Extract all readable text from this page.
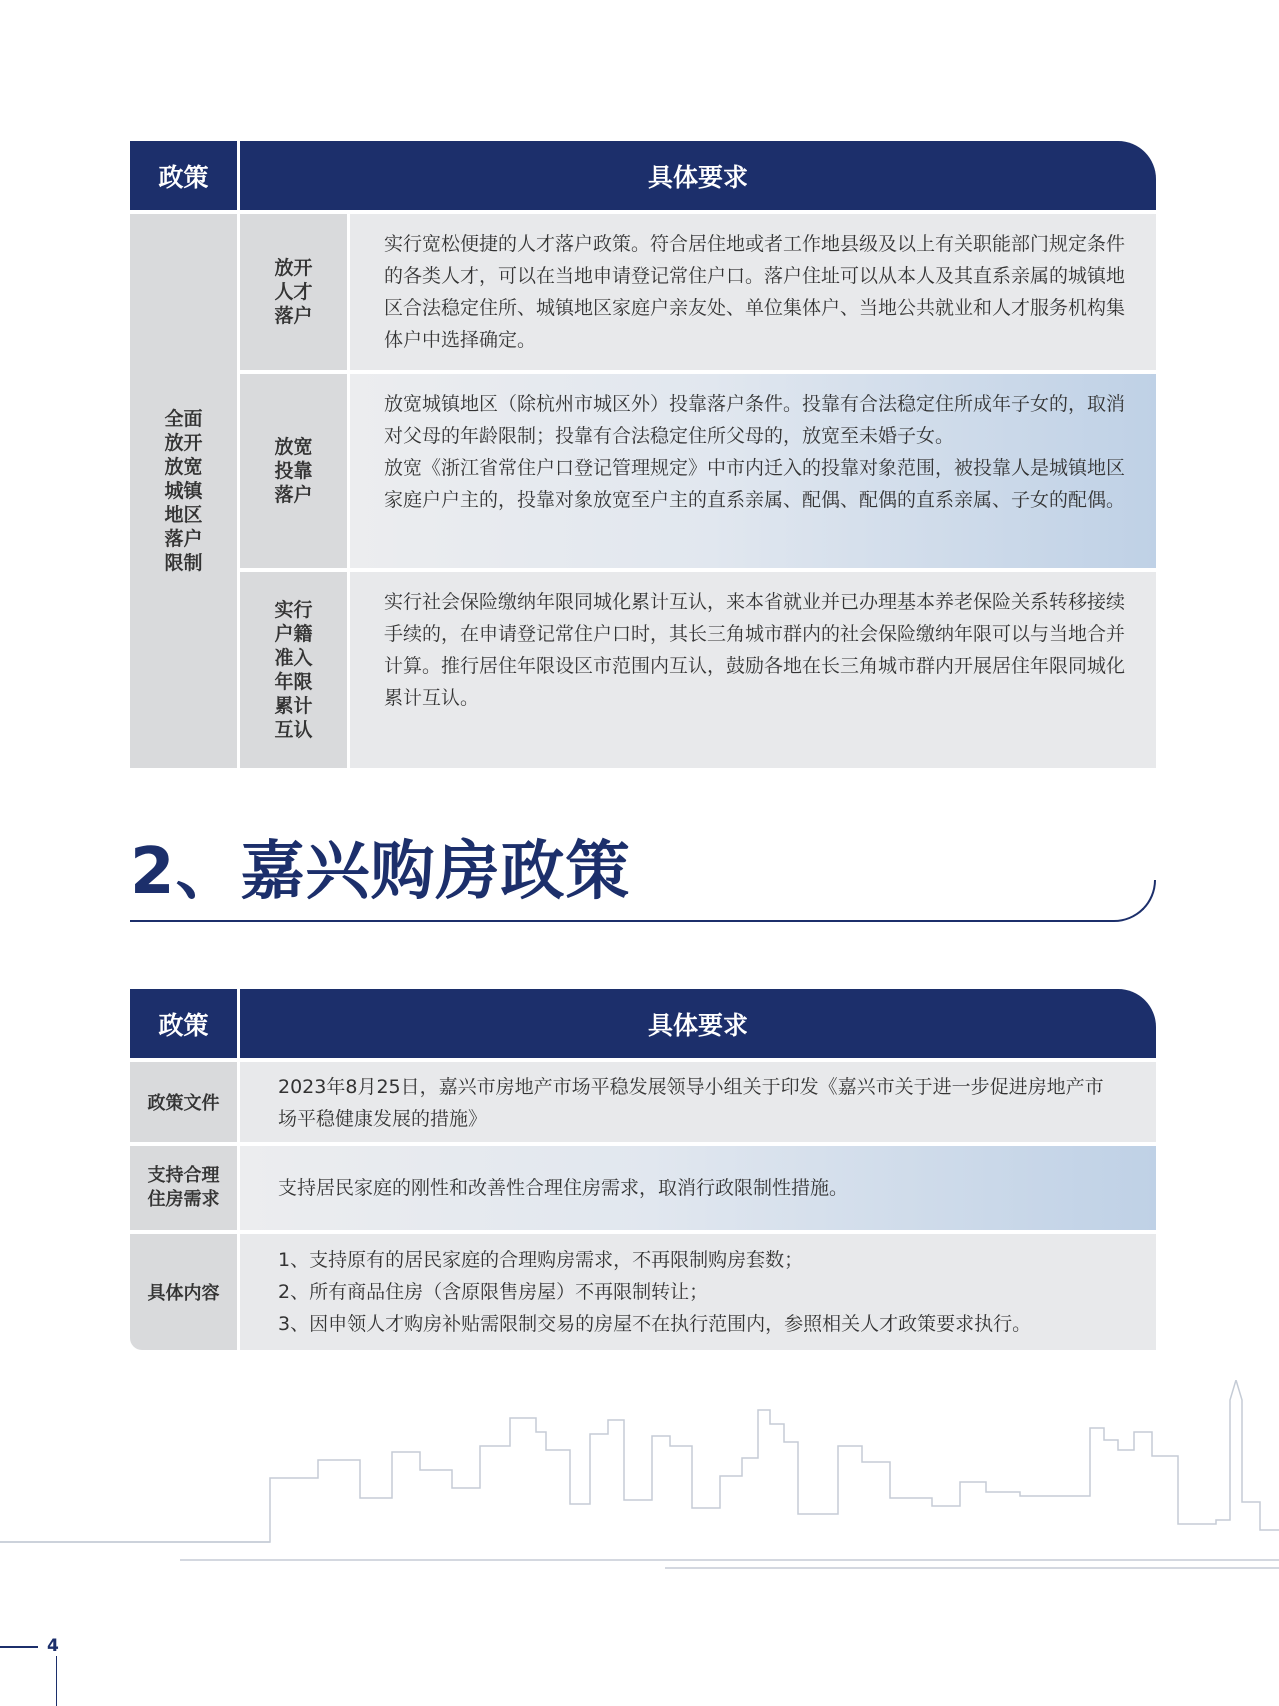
政策	具体要求
全面放开放宽城镇地区落户限制
放开人才落户

实行宽松便捷的人才落户政策。符合居住地或者工作地县级及以上有关职能部门规定条件的各类人才，可以在当地申请登记常住户口。落户住址可以从本人及其直系亲属的城镇地区合法稳定住所、城镇地区家庭户亲友处、单位集体户、当地公共就业和人才服务机构集体户中选择确定。

放宽投靠落户

放宽城镇地区（除杭州市城区外）投靠落户条件。投靠有合法稳定住所成年子女的，取消对父母的年龄限制；投靠有合法稳定住所父母的，放宽至未婚子女。

放宽《浙江省常住户口登记管理规定》中市内迁入的投靠对象范围，被投靠人是城镇地区家庭户户主的，投靠对象放宽至户主的直系亲属、配偶、配偶的直系亲属、子女的配偶。

实行户籍准入年限累计互认

实行社会保险缴纳年限同城化累计互认，来本省就业并已办理基本养老保险关系转移接续手续的，在申请登记常住户口时，其长三角城市群内的社会保险缴纳年限可以与当地合并计算。推行居住年限设区市范围内互认，鼓励各地在长三角城市群内开展居住年限同城化累计互认。

2、嘉兴购房政策
政策	具体要求
政策文件

2023年8月25日，嘉兴市房地产市场平稳发展领导小组关于印发《嘉兴市关于进一步促进房地产市场平稳健康发展的措施》

支持合理
住房需求

支持居民家庭的刚性和改善性合理住房需求，取消行政限制性措施。

具体内容

1、支持原有的居民家庭的合理购房需求，不再限制购房套数；

2、所有商品住房（含原限售房屋）不再限制转让；

3、因申领人才购房补贴需限制交易的房屋不在执行范围内，参照相关人才政策要求执行。

4
